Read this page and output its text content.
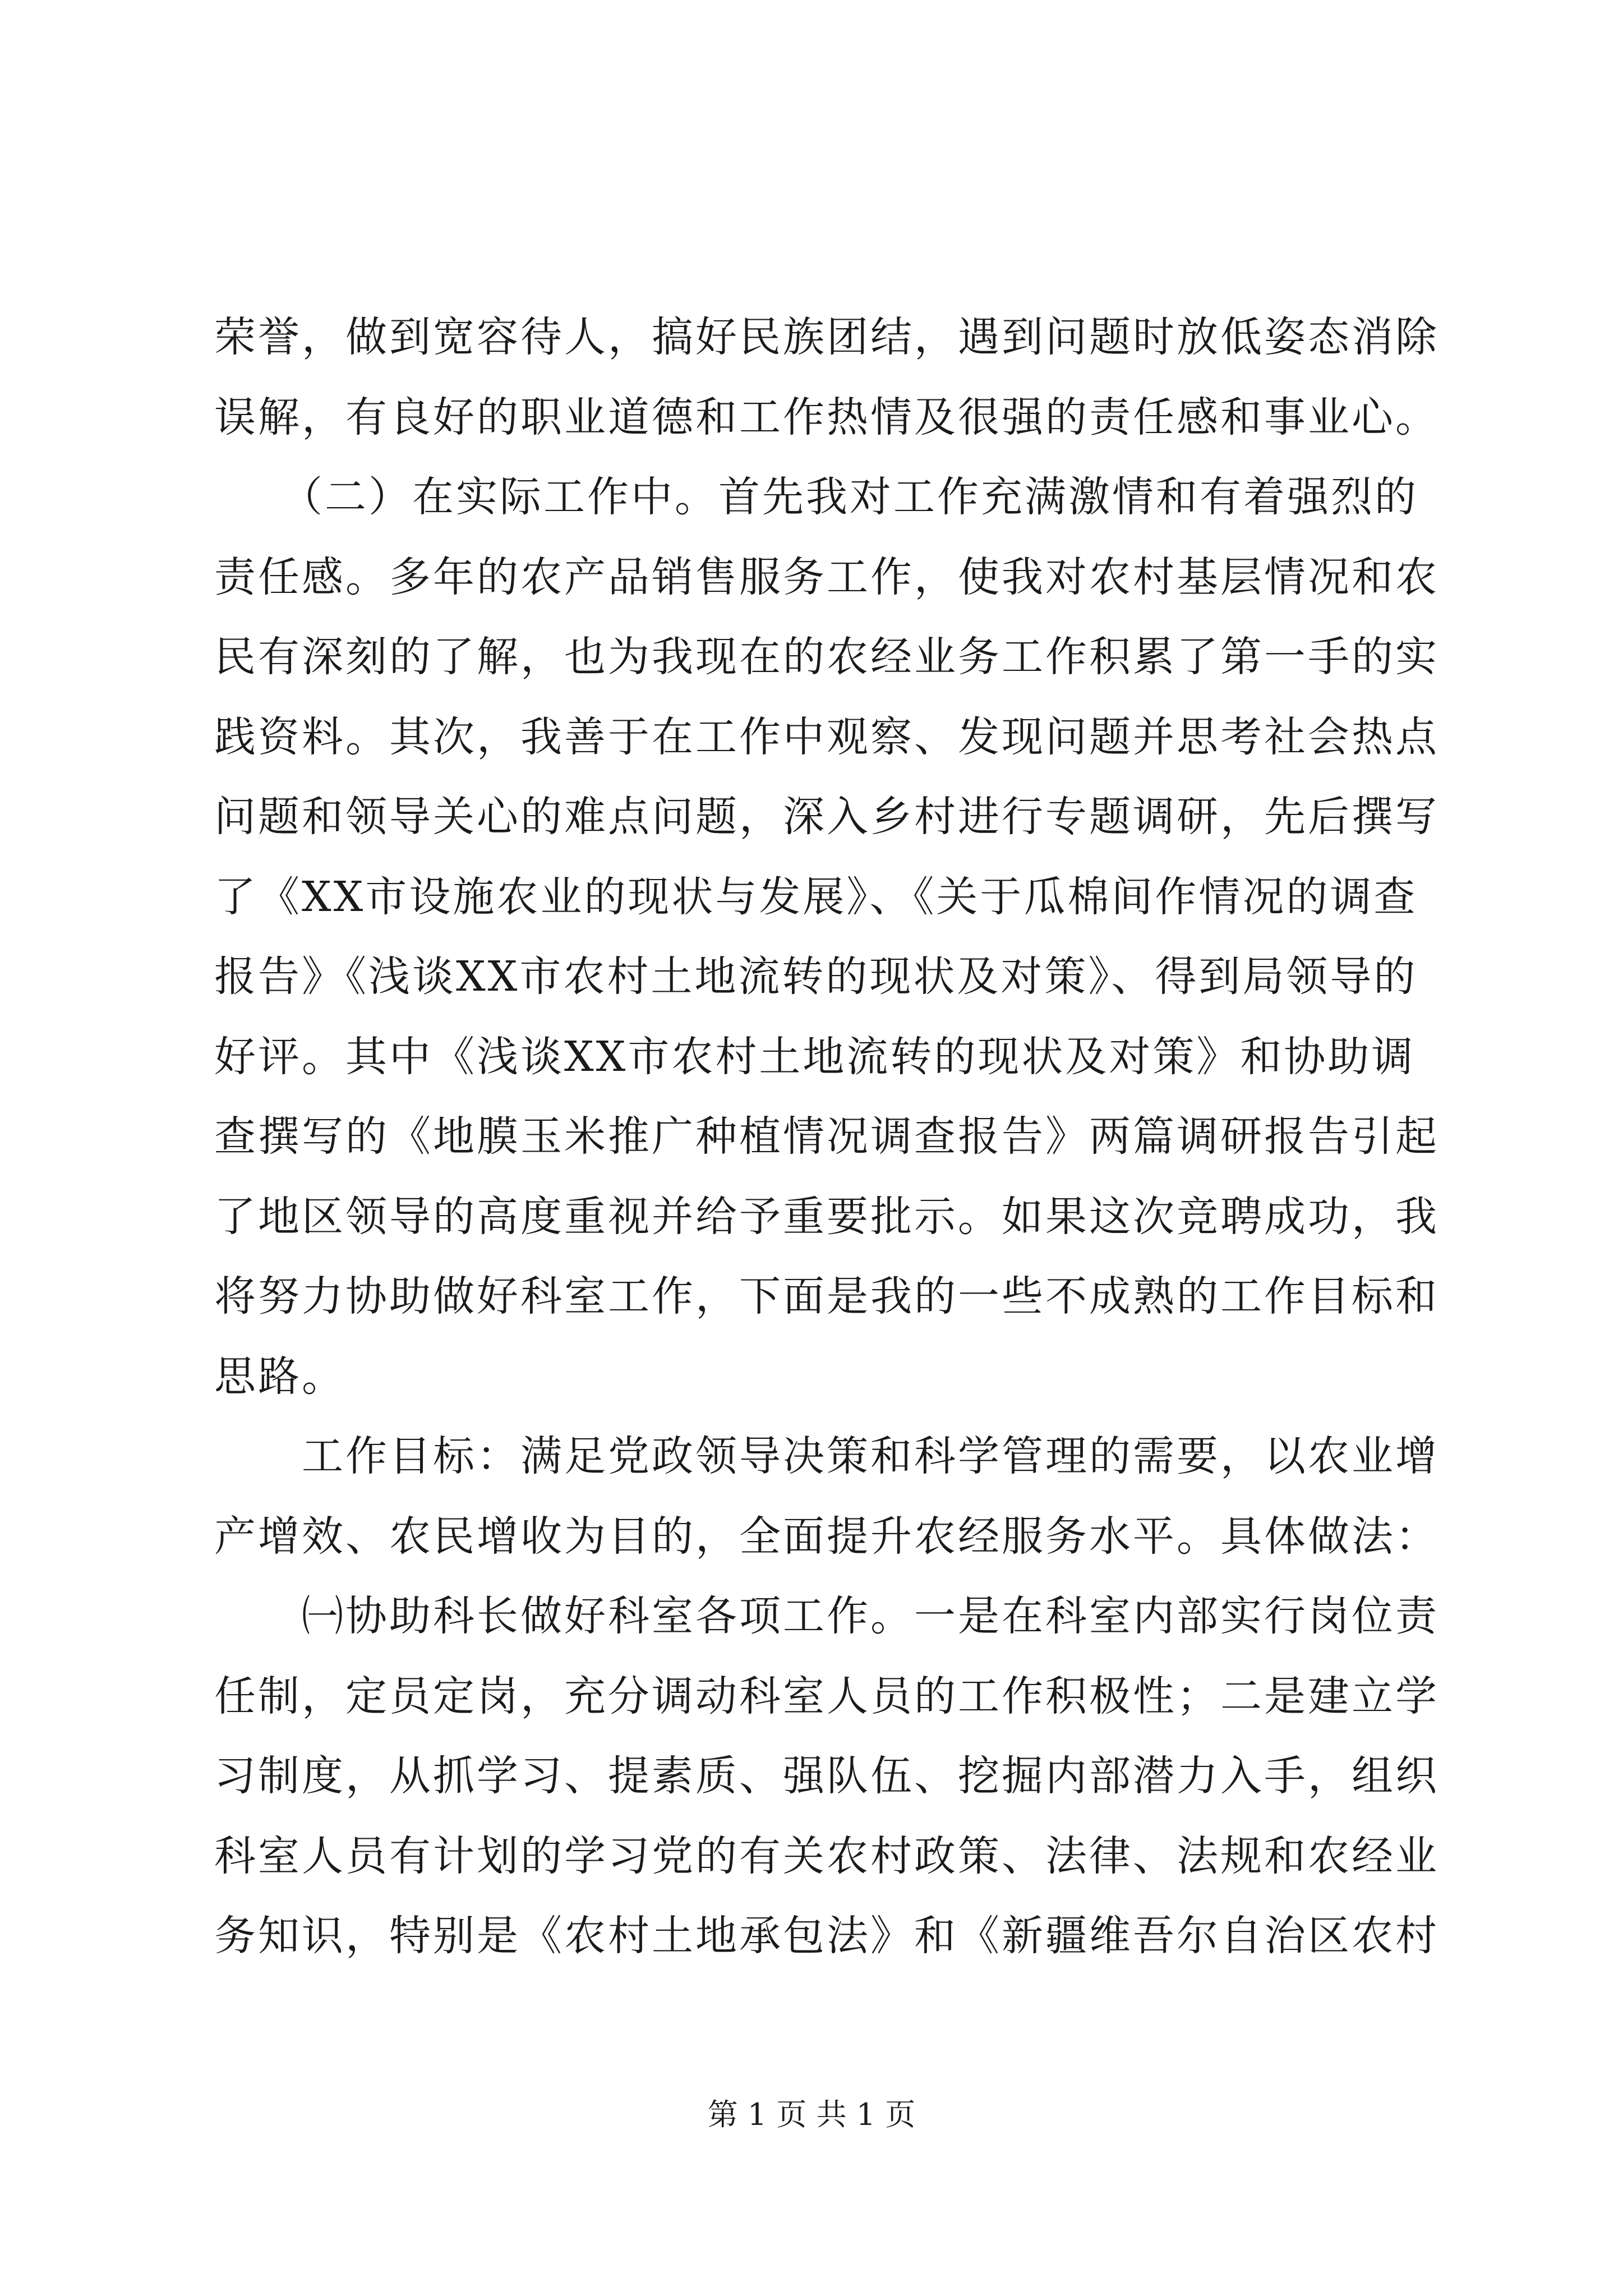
荣誉，做到宽容待人，搞好民族团结，遇到问题时放低姿态消除
误解，有良好的职业道德和工作热情及很强的责任感和事业心。
　　（二）在实际工作中。首先我对工作充满激情和有着强烈的
责任感。多年的农产品销售服务工作，使我对农村基层情况和农
民有深刻的了解，也为我现在的农经业务工作积累了第一手的实
践资料。其次，我善于在工作中观察、发现问题并思考社会热点
问题和领导关心的难点问题，深入乡村进行专题调研，先后撰写
了《XX市设施农业的现状与发展》、《关于瓜棉间作情况的调查
报告》《浅谈XX市农村土地流转的现状及对策》、得到局领导的
好评。其中《浅谈XX市农村土地流转的现状及对策》和协助调
查撰写的《地膜玉米推广种植情况调查报告》两篇调研报告引起
了地区领导的高度重视并给予重要批示。如果这次竞聘成功，我
将努力协助做好科室工作，下面是我的一些不成熟的工作目标和
思路。
　　工作目标：满足党政领导决策和科学管理的需要，以农业增
产增效、农民增收为目的，全面提升农经服务水平。具体做法：
　　㈠协助科长做好科室各项工作。一是在科室内部实行岗位责
任制，定员定岗，充分调动科室人员的工作积极性；二是建立学
习制度，从抓学习、提素质、强队伍、挖掘内部潜力入手，组织
科室人员有计划的学习党的有关农村政策、法律、法规和农经业
务知识，特别是《农村土地承包法》和《新疆维吾尔自治区农村
第 1 页 共 1 页
